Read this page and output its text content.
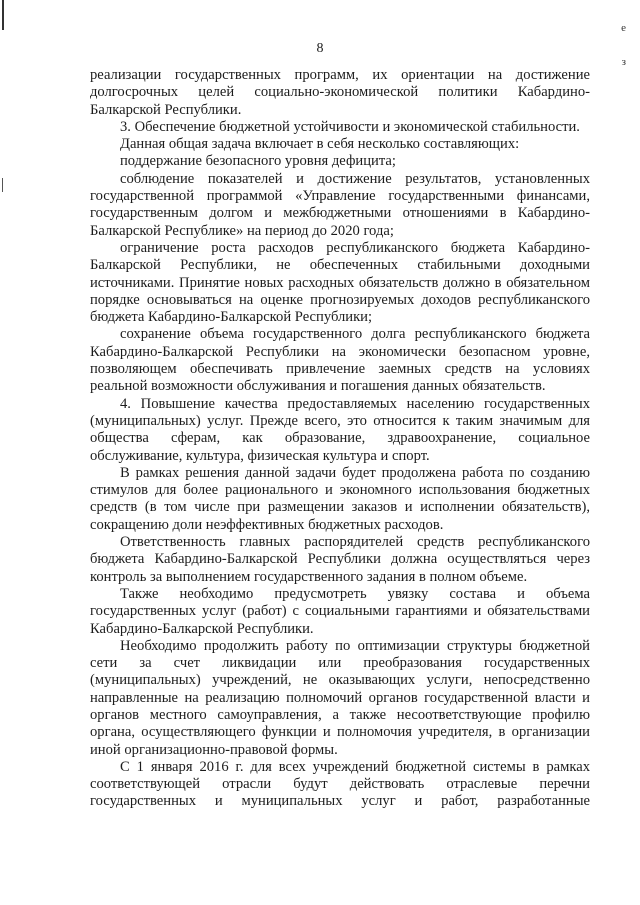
е
з
8

реализации государственных программ, их ориентации на достижение долгосрочных целей социально-экономической политики Кабардино-Балкарской Республики.

3. Обеспечение бюджетной устойчивости и экономической стабильности.

Данная общая задача включает в себя несколько составляющих:

поддержание безопасного уровня дефицита;

соблюдение показателей и достижение результатов, установленных государственной программой «Управление государственными финансами, государственным долгом и межбюджетными отношениями в Кабардино-Балкарской Республике» на период до 2020 года;

ограничение роста расходов республиканского бюджета Кабардино-Балкарской Республики, не обеспеченных стабильными доходными источниками. Принятие новых расходных обязательств должно в обязательном порядке основываться на оценке прогнозируемых доходов республиканского бюджета Кабардино-Балкарской Республики;

сохранение объема государственного долга республиканского бюджета Кабардино-Балкарской Республики на экономически безопасном уровне, позволяющем обеспечивать привлечение заемных средств на условиях реальной возможности обслуживания и погашения данных обязательств.

4. Повышение качества предоставляемых населению государственных (муниципальных) услуг. Прежде всего, это относится к таким значимым для общества сферам, как образование, здравоохранение, социальное обслуживание, культура, физическая культура и спорт.

В рамках решения данной задачи будет продолжена работа по созданию стимулов для более рационального и экономного использования бюджетных средств (в том числе при размещении заказов и исполнении обязательств), сокращению доли неэффективных бюджетных расходов.

Ответственность главных распорядителей средств республиканского бюджета Кабардино-Балкарской Республики должна осуществляться через контроль за выполнением государственного задания в полном объеме.

Также необходимо предусмотреть увязку состава и объема государственных услуг (работ) с социальными гарантиями и обязательствами Кабардино-Балкарской Республики.

Необходимо продолжить работу по оптимизации структуры бюджетной сети за счет ликвидации или преобразования государственных (муниципальных) учреждений, не оказывающих услуги, непосредственно направленные на реализацию полномочий органов государственной власти и органов местного самоуправления, а также несоответствующие профилю органа, осуществляющего функции и полномочия учредителя, в организации иной организационно-правовой формы.

С 1 января 2016 г. для всех учреждений бюджетной системы в рамках соответствующей отрасли будут действовать отраслевые перечни государственных и муниципальных услуг и работ, разработанные
